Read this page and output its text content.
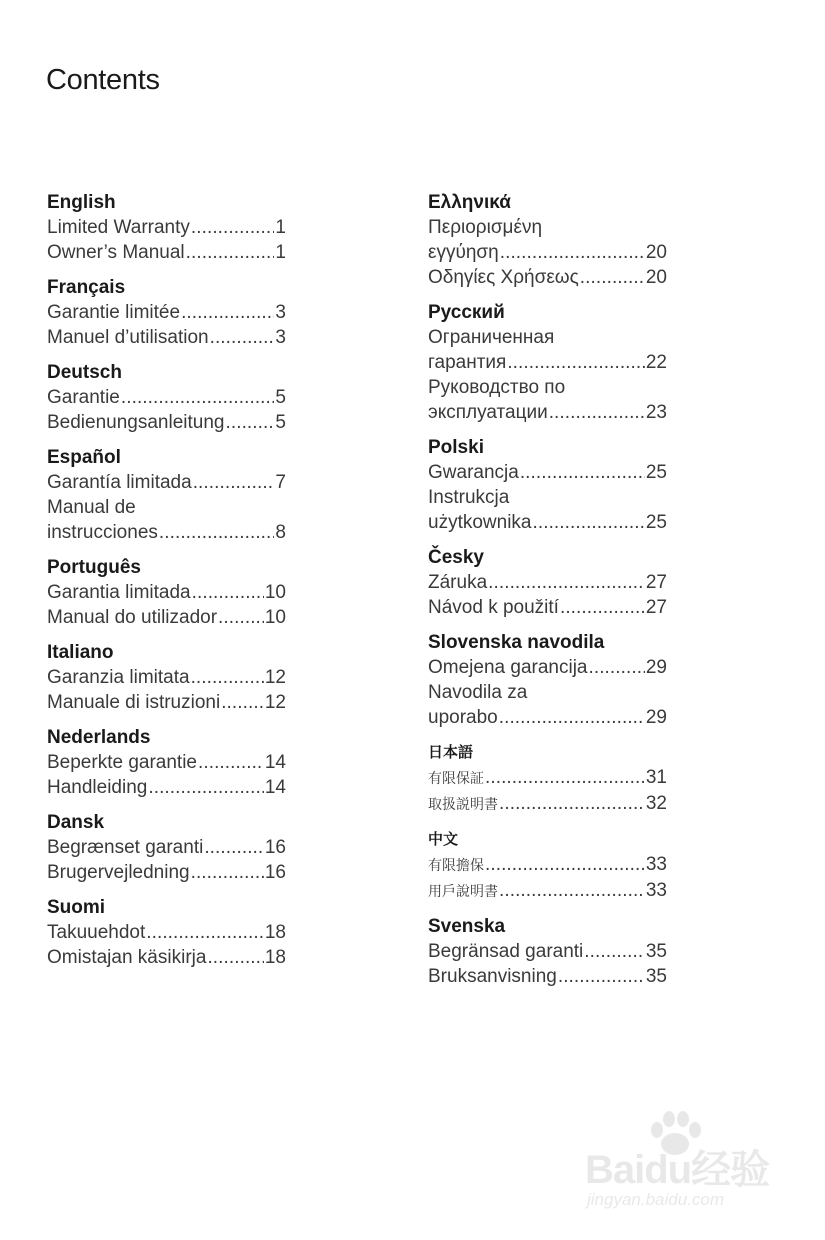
Contents
English
Limited Warranty . . .	1
Owner’s Manual . . .	1
Français
Garantie limitée . . .	3
Manuel d’utilisation . . .	3
Deutsch
Garantie . . .	5
Bedienungsanleitung . . .	5
Español
Garantía limitada . . .	7
Manual de
instrucciones . . .	8
Português
Garantia limitada . . .	10
Manual do utilizador . . .	10
Italiano
Garanzia limitata . . .	12
Manuale di istruzioni . . . 12
Nederlands
Beperkte garantie . . .	14
Handleiding . . .	14
Dansk
Begrænset garanti . . .	16
Brugervejledning . . .	16
Suomi
Takuuehdot . . .	18
Omistajan käsikirja . . .	18
Ελληνικά
Περιορισμένη
εγγύηση . . .	20
Οδηγίες Χρήσεως . . .	20
Русский
Ограниченная
гарантия . . .	22
Руководство по
эксплуатации . . .	23
Polski
Gwarancja . . .	25
Instrukcja
użytkownika . . .	25
Česky
Záruka . . .	27
Návod k použití . . .	27
Slovenska navodila
Omejena garancija . . .	29
Navodila za
uporabo . . .	29
日本語
有限保証 . . .	31
取扱説明書 . . .	32
中文
有限擔保 . . .	33
用戶說明書 . . .	33
Svenska
Begränsad garanti . . .	35
Bruksanvisning . . .	35
Baidu经验
jingyan.baidu.com
